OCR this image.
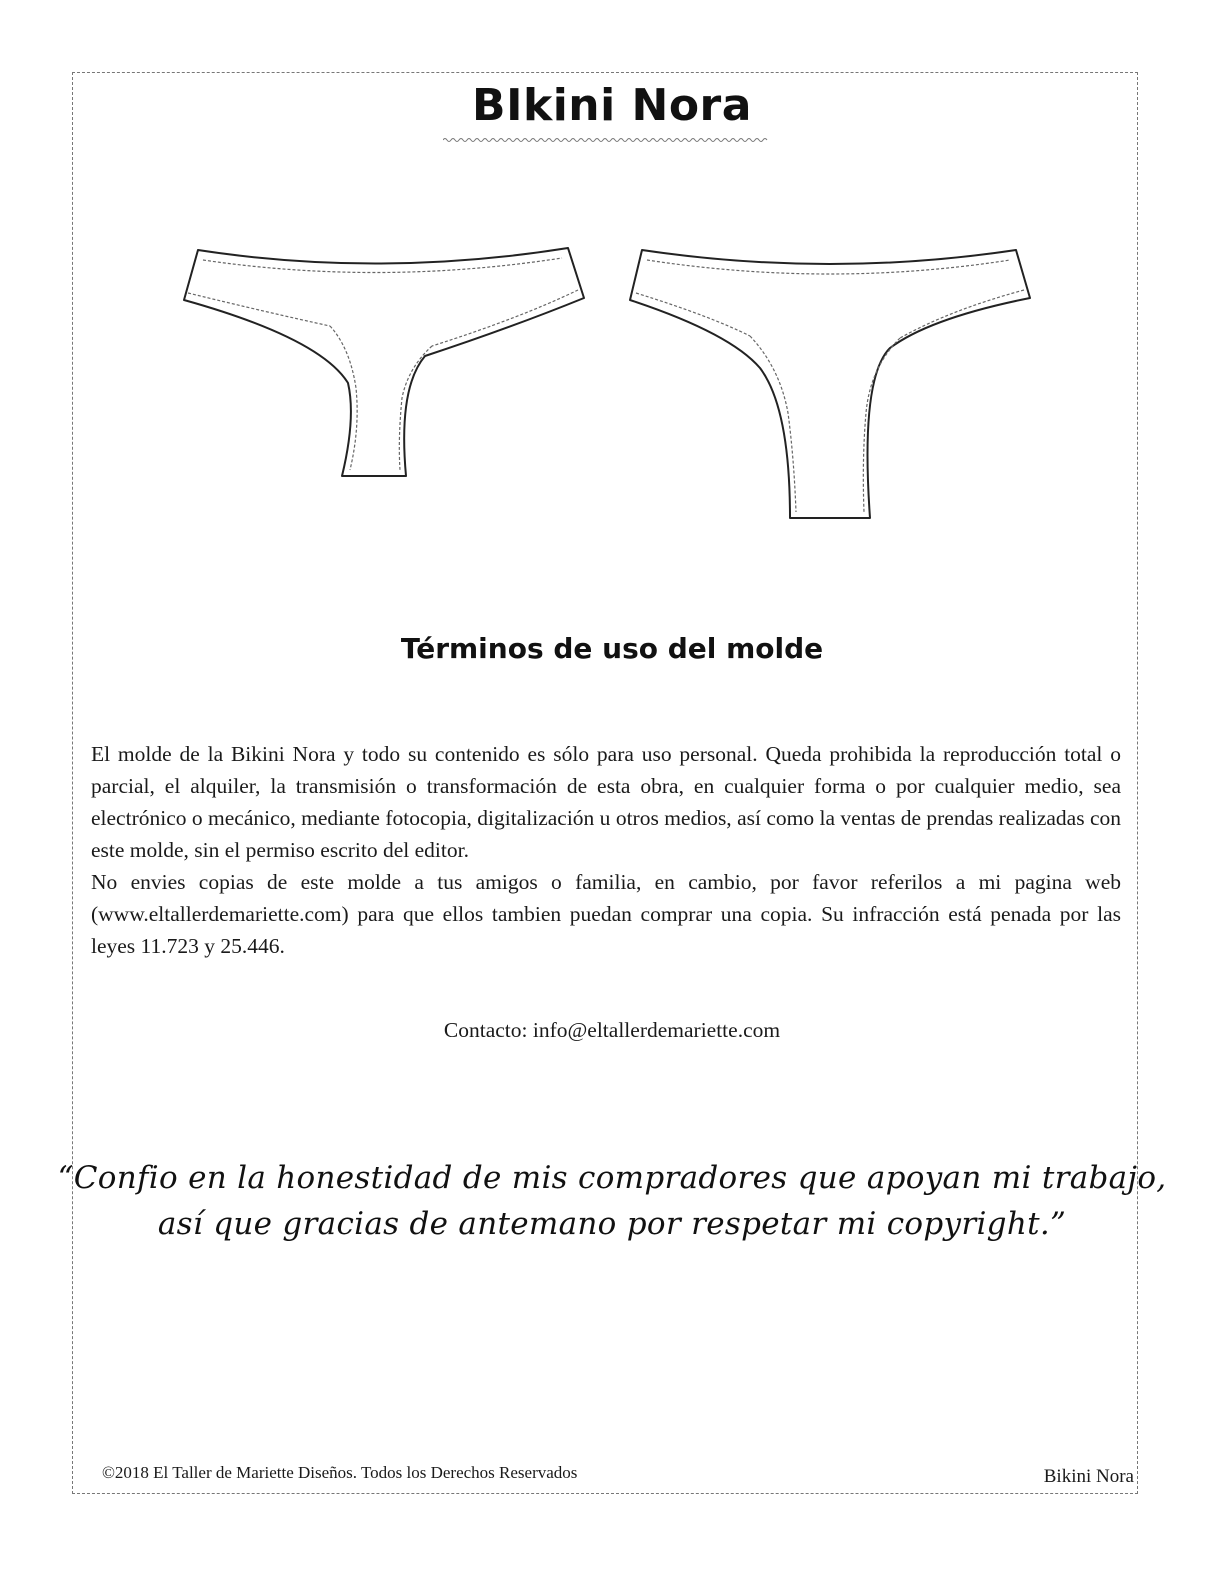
BIkini Nora
Términos de uso del molde

El molde de la Bikini Nora y todo su contenido es sólo para uso personal. Queda prohibida la reproducción total o parcial, el alquiler, la transmisión o transformación de esta obra, en cualquier forma o por cualquier medio, sea electrónico o mecánico, mediante fotocopia, digitalización u otros medios, así como la ventas de prendas realizadas con este molde, sin el permiso escrito del editor.

No envies copias de este molde a tus amigos o familia, en cambio, por favor referilos a mi pagina web (www.eltallerdemariette.com) para que ellos tambien puedan comprar una copia. Su infracción está penada por las leyes 11.723 y 25.446.

Contacto: info@eltallerdemariette.com
“Confio en la honestidad de mis compradores que apoyan mi trabajo,
así que gracias de antemano por respetar mi copyright.”
©2018 El Taller de Mariette Diseños. Todos los Derechos Reservados	Bikini Nora
